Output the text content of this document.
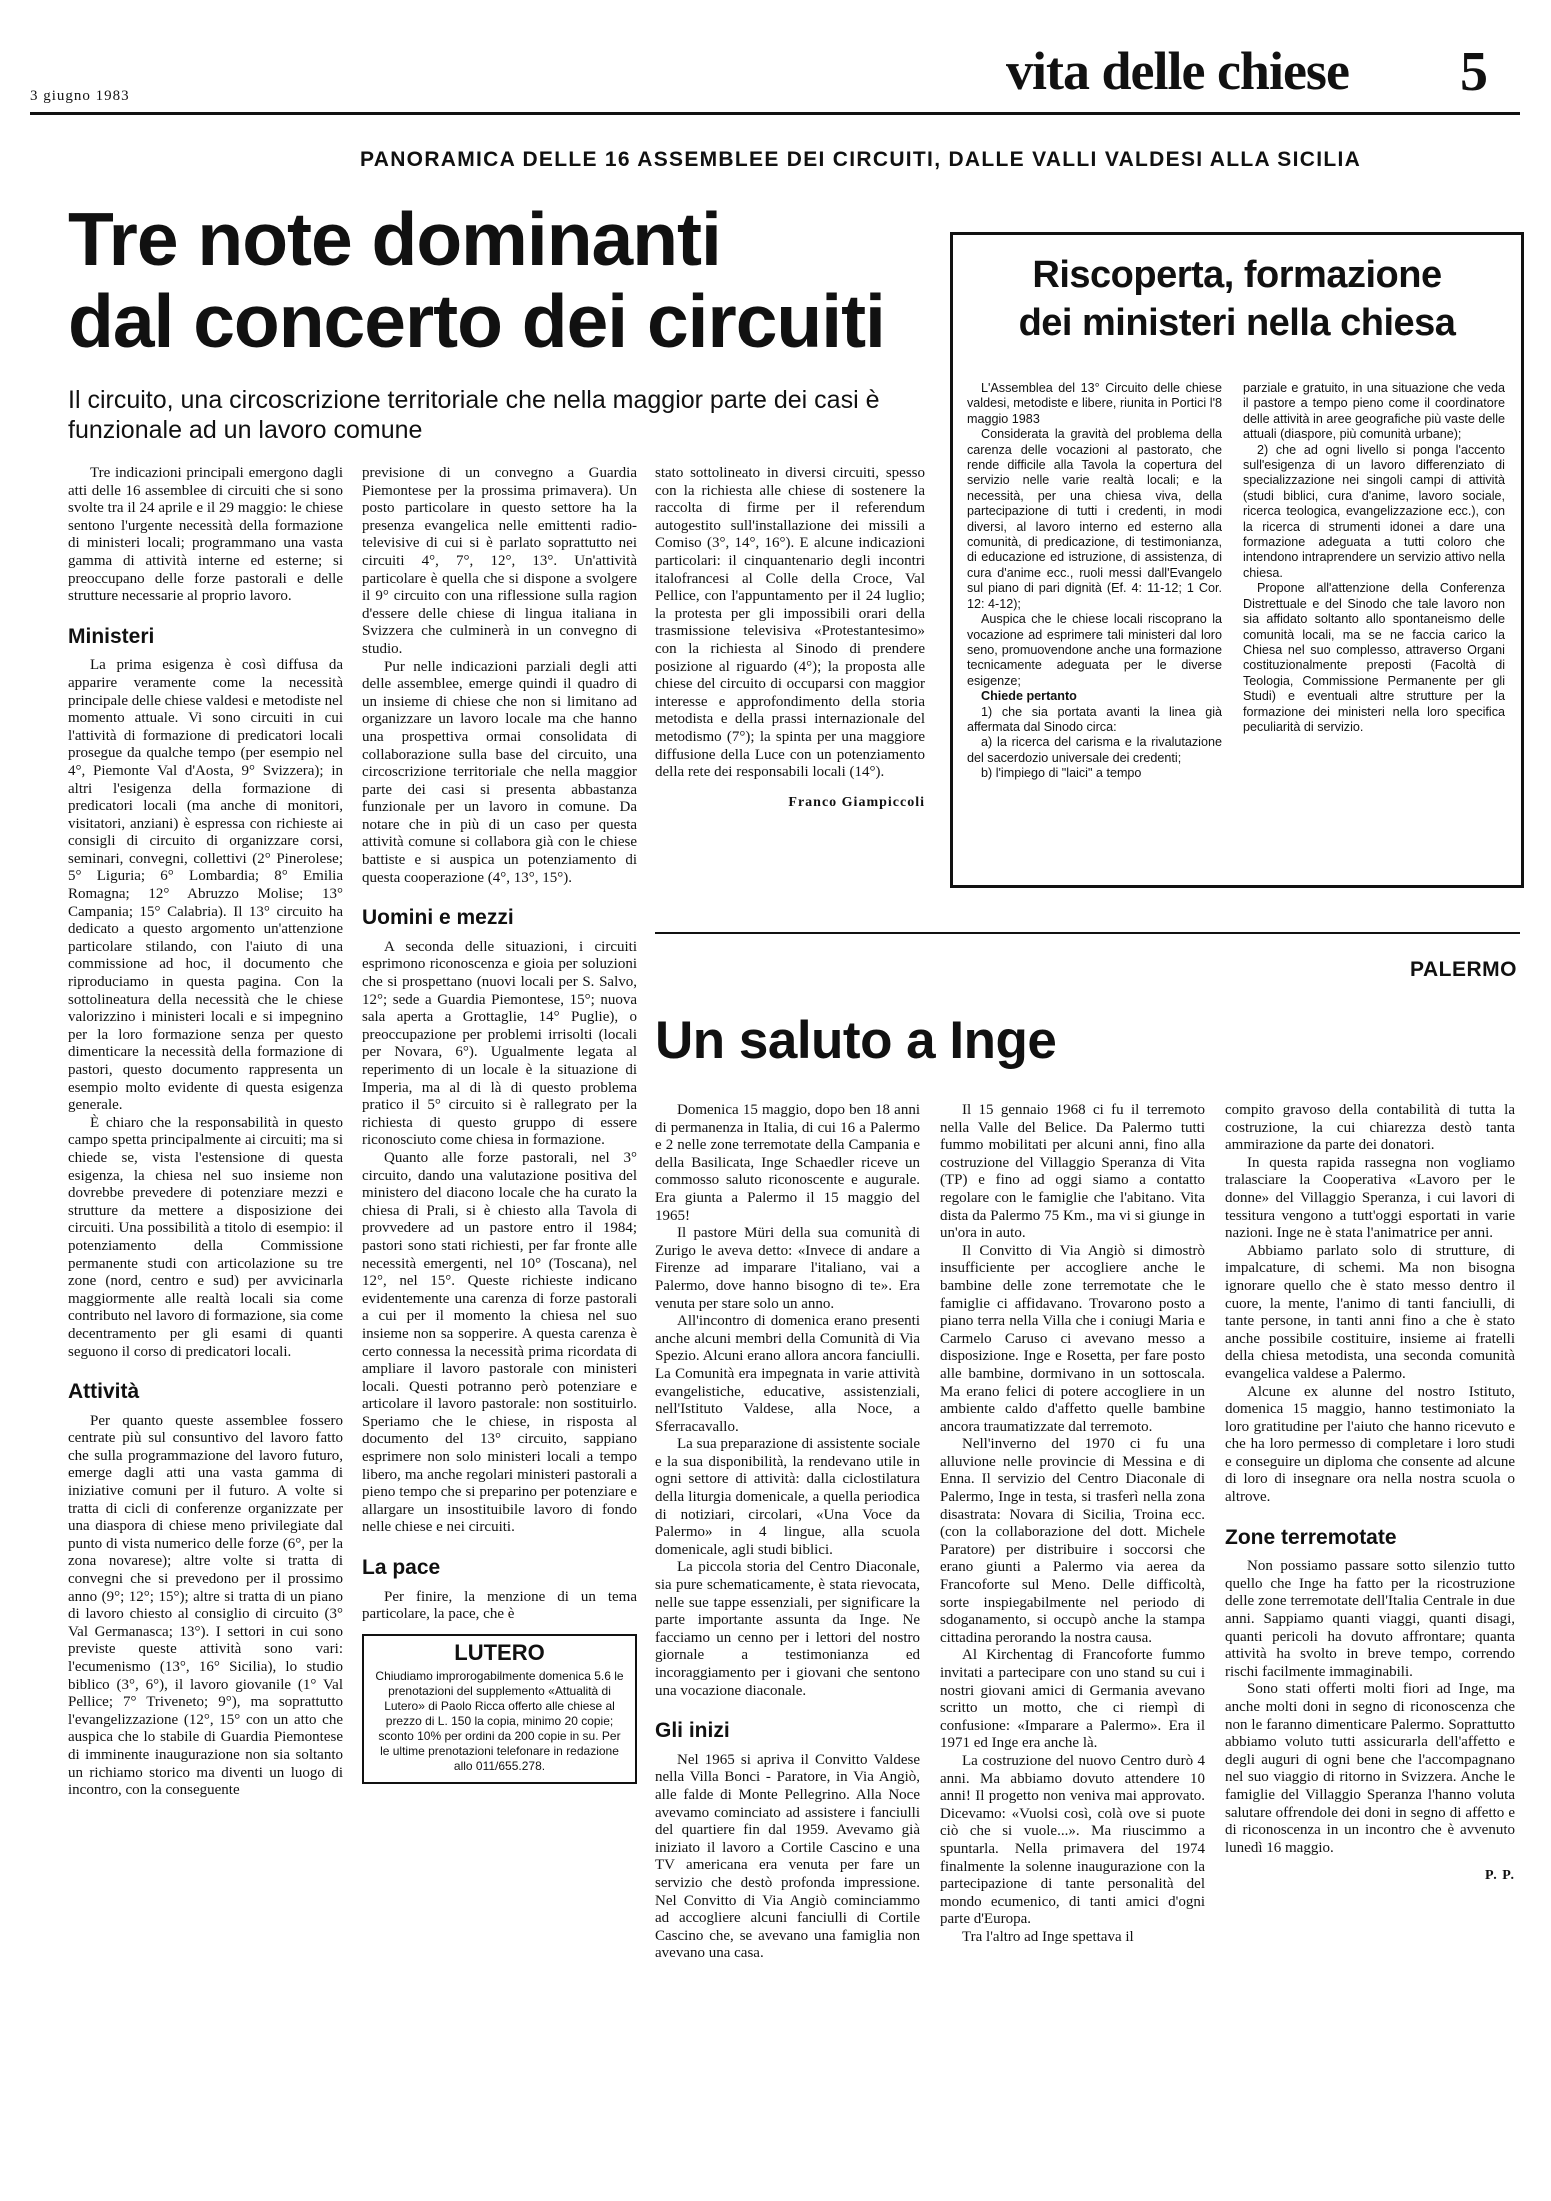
3 giugno 1983	vita delle chiese 5
PANORAMICA DELLE 16 ASSEMBLEE DEI CIRCUITI, DALLE VALLI VALDESI ALLA SICILIA
Tre note dominanti
dal concerto dei circuiti
Il circuito, una circoscrizione territoriale che nella maggior parte dei casi è funzionale ad un lavoro comune

Tre indicazioni principali emergono dagli atti delle 16 assemblee di circuiti che si sono svolte tra il 24 aprile e il 29 maggio: le chiese sentono l'urgente necessità della formazione di ministeri locali; programmano una vasta gamma di attività interne ed esterne; si preoccupano delle forze pastorali e delle strutture necessarie al proprio lavoro.

Ministeri

La prima esigenza è così diffusa da apparire veramente come la necessità principale delle chiese valdesi e metodiste nel momento attuale. Vi sono circuiti in cui l'attività di formazione di predicatori locali prosegue da qualche tempo (per esempio nel 4°, Piemonte Val d'Aosta, 9° Svizzera); in altri l'esigenza della formazione di predicatori locali (ma anche di monitori, visitatori, anziani) è espressa con richieste ai consigli di circuito di organizzare corsi, seminari, convegni, collettivi (2° Pinerolese; 5° Liguria; 6° Lombardia; 8° Emilia Romagna; 12° Abruzzo Molise; 13° Campania; 15° Calabria). Il 13° circuito ha dedicato a questo argomento un'attenzione particolare stilando, con l'aiuto di una commissione ad hoc, il documento che riproduciamo in questa pagina. Con la sottolineatura della necessità che le chiese valorizzino i ministeri locali e si impegnino per la loro formazione senza per questo dimenticare la necessità della formazione di pastori, questo documento rappresenta un esempio molto evidente di questa esigenza generale.

È chiaro che la responsabilità in questo campo spetta principalmente ai circuiti; ma si chiede se, vista l'estensione di questa esigenza, la chiesa nel suo insieme non dovrebbe prevedere di potenziare mezzi e strutture da mettere a disposizione dei circuiti. Una possibilità a titolo di esempio: il potenziamento della Commissione permanente studi con articolazione su tre zone (nord, centro e sud) per avvicinarla maggiormente alle realtà locali sia come contributo nel lavoro di formazione, sia come decentramento per gli esami di quanti seguono il corso di predicatori locali.

Attività

Per quanto queste assemblee fossero centrate più sul consuntivo del lavoro fatto che sulla programmazione del lavoro futuro, emerge dagli atti una vasta gamma di iniziative comuni per il futuro. A volte si tratta di cicli di conferenze organizzate per una diaspora di chiese meno privilegiate dal punto di vista numerico delle forze (6°, per la zona novarese); altre volte si tratta di convegni che si prevedono per il prossimo anno (9°; 12°; 15°); altre si tratta di un piano di lavoro chiesto al consiglio di circuito (3° Val Germanasca; 13°). I settori in cui sono previste queste attività sono vari: l'ecumenismo (13°, 16° Sicilia), lo studio biblico (3°, 6°), il lavoro giovanile (1° Val Pellice; 7° Triveneto; 9°), ma soprattutto l'evangelizzazione (12°, 15° con un atto che auspica che lo stabile di Guardia Piemontese di imminente inaugurazione non sia soltanto un richiamo storico ma diventi un luogo di incontro, con la conseguente

previsione di un convegno a Guardia Piemontese per la prossima primavera). Un posto particolare in questo settore ha la presenza evangelica nelle emittenti radio-televisive di cui si è parlato soprattutto nei circuiti 4°, 7°, 12°, 13°. Un'attività particolare è quella che si dispone a svolgere il 9° circuito con una riflessione sulla ragion d'essere delle chiese di lingua italiana in Svizzera che culminerà in un convegno di studio.

Pur nelle indicazioni parziali degli atti delle assemblee, emerge quindi il quadro di un insieme di chiese che non si limitano ad organizzare un lavoro locale ma che hanno una prospettiva ormai consolidata di collaborazione sulla base del circuito, una circoscrizione territoriale che nella maggior parte dei casi si presenta abbastanza funzionale per un lavoro in comune. Da notare che in più di un caso per questa attività comune si collabora già con le chiese battiste e si auspica un potenziamento di questa cooperazione (4°, 13°, 15°).

Uomini e mezzi

A seconda delle situazioni, i circuiti esprimono riconoscenza e gioia per soluzioni che si prospettano (nuovi locali per S. Salvo, 12°; sede a Guardia Piemontese, 15°; nuova sala aperta a Grottaglie, 14° Puglie), o preoccupazione per problemi irrisolti (locali per Novara, 6°). Ugualmente legata al reperimento di un locale è la situazione di Imperia, ma al di là di questo problema pratico il 5° circuito si è rallegrato per la richiesta di questo gruppo di essere riconosciuto come chiesa in formazione.

Quanto alle forze pastorali, nel 3° circuito, dando una valutazione positiva del ministero del diacono locale che ha curato la chiesa di Prali, si è chiesto alla Tavola di provvedere ad un pastore entro il 1984; pastori sono stati richiesti, per far fronte alle necessità emergenti, nel 10° (Toscana), nel 12°, nel 15°. Queste richieste indicano evidentemente una carenza di forze pastorali a cui per il momento la chiesa nel suo insieme non sa sopperire. A questa carenza è certo connessa la necessità prima ricordata di ampliare il lavoro pastorale con ministeri locali. Questi potranno però potenziare e articolare il lavoro pastorale: non sostituirlo. Speriamo che le chiese, in risposta al documento del 13° circuito, sappiano esprimere non solo ministeri locali a tempo libero, ma anche regolari ministeri pastorali a pieno tempo che si preparino per potenziare e allargare un insostituibile lavoro di fondo nelle chiese e nei circuiti.

La pace

Per finire, la menzione di un tema particolare, la pace, che è

LUTERO

Chiudiamo improrogabilmente domenica 5.6 le prenotazioni del supplemento «Attualità di Lutero» di Paolo Ricca offerto alle chiese al prezzo di L. 150 la copia, minimo 20 copie; sconto 10% per ordini da 200 copie in su. Per le ultime prenotazioni telefonare in redazione allo 011/655.278.

stato sottolineato in diversi circuiti, spesso con la richiesta alle chiese di sostenere la raccolta di firme per il referendum autogestito sull'installazione dei missili a Comiso (3°, 14°, 16°). E alcune indicazioni particolari: il cinquantenario degli incontri italofrancesi al Colle della Croce, Val Pellice, con l'appuntamento per il 24 luglio; la protesta per gli impossibili orari della trasmissione televisiva «Protestantesimo» con la richiesta al Sinodo di prendere posizione al riguardo (4°); la proposta alle chiese del circuito di occuparsi con maggior interesse e approfondimento della storia metodista e della prassi internazionale del metodismo (7°); la spinta per una maggiore diffusione della Luce con un potenziamento della rete dei responsabili locali (14°).

Franco Giampiccoli
Riscoperta, formazione
dei ministeri nella chiesa

L'Assemblea del 13° Circuito delle chiese valdesi, metodiste e libere, riunita in Portici l'8 maggio 1983

Considerata la gravità del problema della carenza delle vocazioni al pastorato, che rende difficile alla Tavola la copertura del servizio nelle varie realtà locali; e la necessità, per una chiesa viva, della partecipazione di tutti i credenti, in modi diversi, al lavoro interno ed esterno alla comunità, di predicazione, di testimonianza, di educazione ed istruzione, di assistenza, di cura d'anime ecc., ruoli messi dall'Evangelo sul piano di pari dignità (Ef. 4: 11-12; 1 Cor. 12: 4-12);

Auspica che le chiese locali riscoprano la vocazione ad esprimere tali ministeri dal loro seno, promuovendone anche una formazione tecnicamente adeguata per le diverse esigenze;

Chiede pertanto

1) che sia portata avanti la linea già affermata dal Sinodo circa:

a) la ricerca del carisma e la rivalutazione del sacerdozio universale dei credenti;

b) l'impiego di "laici" a tempo

parziale e gratuito, in una situazione che veda il pastore a tempo pieno come il coordinatore delle attività in aree geografiche più vaste delle attuali (diaspore, più comunità urbane);

2) che ad ogni livello si ponga l'accento sull'esigenza di un lavoro differenziato di specializzazione nei singoli campi di attività (studi biblici, cura d'anime, lavoro sociale, ricerca teologica, evangelizzazione ecc.), con la ricerca di strumenti idonei a dare una formazione adeguata a tutti coloro che intendono intraprendere un servizio attivo nella chiesa.

Propone all'attenzione della Conferenza Distrettuale e del Sinodo che tale lavoro non sia affidato soltanto allo spontaneismo delle comunità locali, ma se ne faccia carico la Chiesa nel suo complesso, attraverso Organi costituzionalmente preposti (Facoltà di Teologia, Commissione Permanente per gli Studi) e eventuali altre strutture per la formazione dei ministeri nella loro specifica peculiarità di servizio.

PALERMO
Un saluto a Inge

Domenica 15 maggio, dopo ben 18 anni di permanenza in Italia, di cui 16 a Palermo e 2 nelle zone terremotate della Campania e della Basilicata, Inge Schaedler riceve un commosso saluto riconoscente e augurale. Era giunta a Palermo il 15 maggio del 1965!

Il pastore Müri della sua comunità di Zurigo le aveva detto: «Invece di andare a Firenze ad imparare l'italiano, vai a Palermo, dove hanno bisogno di te». Era venuta per stare solo un anno.

All'incontro di domenica erano presenti anche alcuni membri della Comunità di Via Spezio. Alcuni erano allora ancora fanciulli. La Comunità era impegnata in varie attività evangelistiche, educative, assistenziali, nell'Istituto Valdese, alla Noce, a Sferracavallo.

La sua preparazione di assistente sociale e la sua disponibilità, la rendevano utile in ogni settore di attività: dalla ciclostilatura della liturgia domenicale, a quella periodica di notiziari, circolari, «Una Voce da Palermo» in 4 lingue, alla scuola domenicale, agli studi biblici.

La piccola storia del Centro Diaconale, sia pure schematicamente, è stata rievocata, nelle sue tappe essenziali, per significare la parte importante assunta da Inge. Ne facciamo un cenno per i lettori del nostro giornale a testimonianza ed incoraggiamento per i giovani che sentono una vocazione diaconale.

Gli inizi

Nel 1965 si apriva il Convitto Valdese nella Villa Bonci - Paratore, in Via Angiò, alle falde di Monte Pellegrino. Alla Noce avevamo cominciato ad assistere i fanciulli del quartiere fin dal 1959. Avevamo già iniziato il lavoro a Cortile Cascino e una TV americana era venuta per fare un servizio che destò profonda impressione. Nel Convitto di Via Angiò cominciammo ad accogliere alcuni fanciulli di Cortile Cascino che, se avevano una famiglia non avevano una casa.

Il 15 gennaio 1968 ci fu il terremoto nella Valle del Belice. Da Palermo tutti fummo mobilitati per alcuni anni, fino alla costruzione del Villaggio Speranza di Vita (TP) e fino ad oggi siamo a contatto regolare con le famiglie che l'abitano. Vita dista da Palermo 75 Km., ma vi si giunge in un'ora in auto.

Il Convitto di Via Angiò si dimostrò insufficiente per accogliere anche le bambine delle zone terremotate che le famiglie ci affidavano. Trovarono posto a piano terra nella Villa che i coniugi Maria e Carmelo Caruso ci avevano messo a disposizione. Inge e Rosetta, per fare posto alle bambine, dormivano in un sottoscala. Ma erano felici di potere accogliere in un ambiente caldo d'affetto quelle bambine ancora traumatizzate dal terremoto.

Nell'inverno del 1970 ci fu una alluvione nelle provincie di Messina e di Enna. Il servizio del Centro Diaconale di Palermo, Inge in testa, si trasferì nella zona disastrata: Novara di Sicilia, Troina ecc. (con la collaborazione del dott. Michele Paratore) per distribuire i soccorsi che erano giunti a Palermo via aerea da Francoforte sul Meno. Delle difficoltà, sorte inspiegabilmente nel periodo di sdoganamento, si occupò anche la stampa cittadina perorando la nostra causa.

Al Kirchentag di Francoforte fummo invitati a partecipare con uno stand su cui i nostri giovani amici di Germania avevano scritto un motto, che ci riempì di confusione: «Imparare a Palermo». Era il 1971 ed Inge era anche là.

La costruzione del nuovo Centro durò 4 anni. Ma abbiamo dovuto attendere 10 anni! Il progetto non veniva mai approvato. Dicevamo: «Vuolsi così, colà ove si puote ciò che si vuole...». Ma riuscimmo a spuntarla. Nella primavera del 1974 finalmente la solenne inaugurazione con la partecipazione di tante personalità del mondo ecumenico, di tanti amici d'ogni parte d'Europa.

Tra l'altro ad Inge spettava il

compito gravoso della contabilità di tutta la costruzione, la cui chiarezza destò tanta ammirazione da parte dei donatori.

In questa rapida rassegna non vogliamo tralasciare la Cooperativa «Lavoro per le donne» del Villaggio Speranza, i cui lavori di tessitura vengono a tutt'oggi esportati in varie nazioni. Inge ne è stata l'animatrice per anni.

Abbiamo parlato solo di strutture, di impalcature, di schemi. Ma non bisogna ignorare quello che è stato messo dentro il cuore, la mente, l'animo di tanti fanciulli, di tante persone, in tanti anni fino a che è stato anche possibile costituire, insieme ai fratelli della chiesa metodista, una seconda comunità evangelica valdese a Palermo.

Alcune ex alunne del nostro Istituto, domenica 15 maggio, hanno testimoniato la loro gratitudine per l'aiuto che hanno ricevuto e che ha loro permesso di completare i loro studi e conseguire un diploma che consente ad alcune di loro di insegnare ora nella nostra scuola o altrove.

Zone terremotate

Non possiamo passare sotto silenzio tutto quello che Inge ha fatto per la ricostruzione delle zone terremotate dell'Italia Centrale in due anni. Sappiamo quanti viaggi, quanti disagi, quanti pericoli ha dovuto affrontare; quanta attività ha svolto in breve tempo, correndo rischi facilmente immaginabili.

Sono stati offerti molti fiori ad Inge, ma anche molti doni in segno di riconoscenza che non le faranno dimenticare Palermo. Soprattutto abbiamo voluto tutti assicurarla dell'affetto e degli auguri di ogni bene che l'accompagnano nel suo viaggio di ritorno in Svizzera. Anche le famiglie del Villaggio Speranza l'hanno voluta salutare offrendole dei doni in segno di affetto e di riconoscenza in un incontro che è avvenuto lunedì 16 maggio.

P. P.
